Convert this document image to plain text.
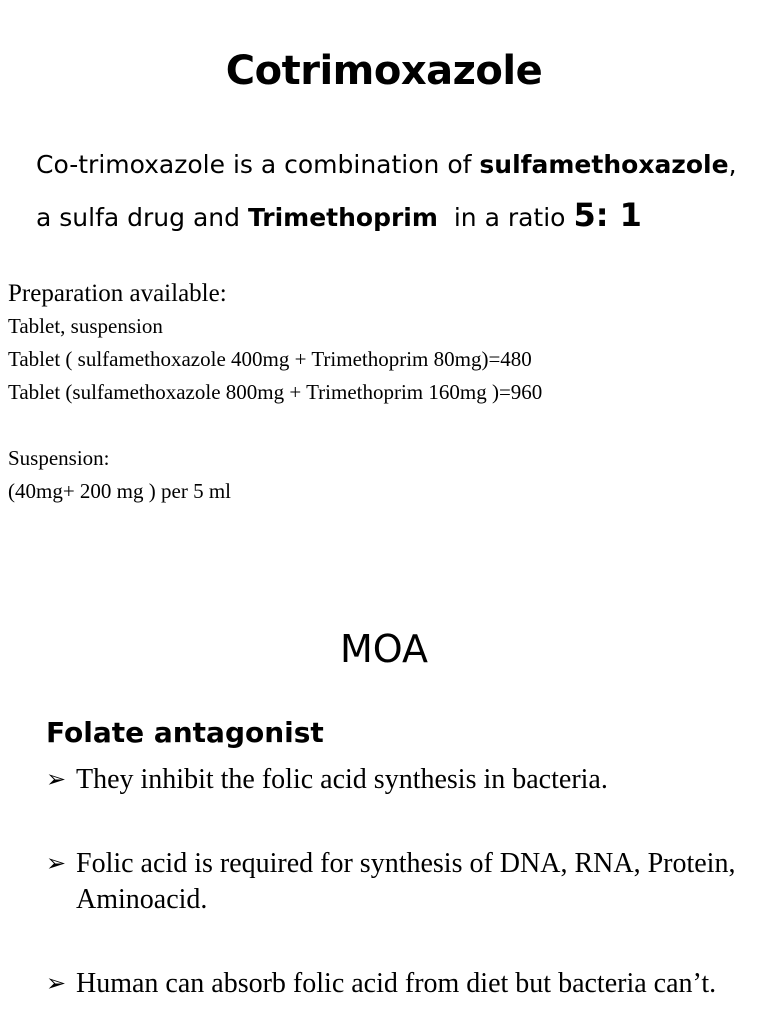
Cotrimoxazole
Co-trimoxazole is a combination of sulfamethoxazole,
a sulfa drug and Trimethoprim  in a ratio 5: 1
Preparation available:
Tablet, suspension
Tablet ( sulfamethoxazole 400mg + Trimethoprim 80mg)=480
Tablet (sulfamethoxazole 800mg + Trimethoprim 160mg )=960
Suspension:
(40mg+ 200 mg ) per 5 ml
MOA
Folate antagonist
➢ They inhibit the folic acid synthesis in bacteria.
➢ Folic acid is required for synthesis of DNA, RNA, Protein, Aminoacid.
➢ Human can absorb folic acid from diet but bacteria can’t.
